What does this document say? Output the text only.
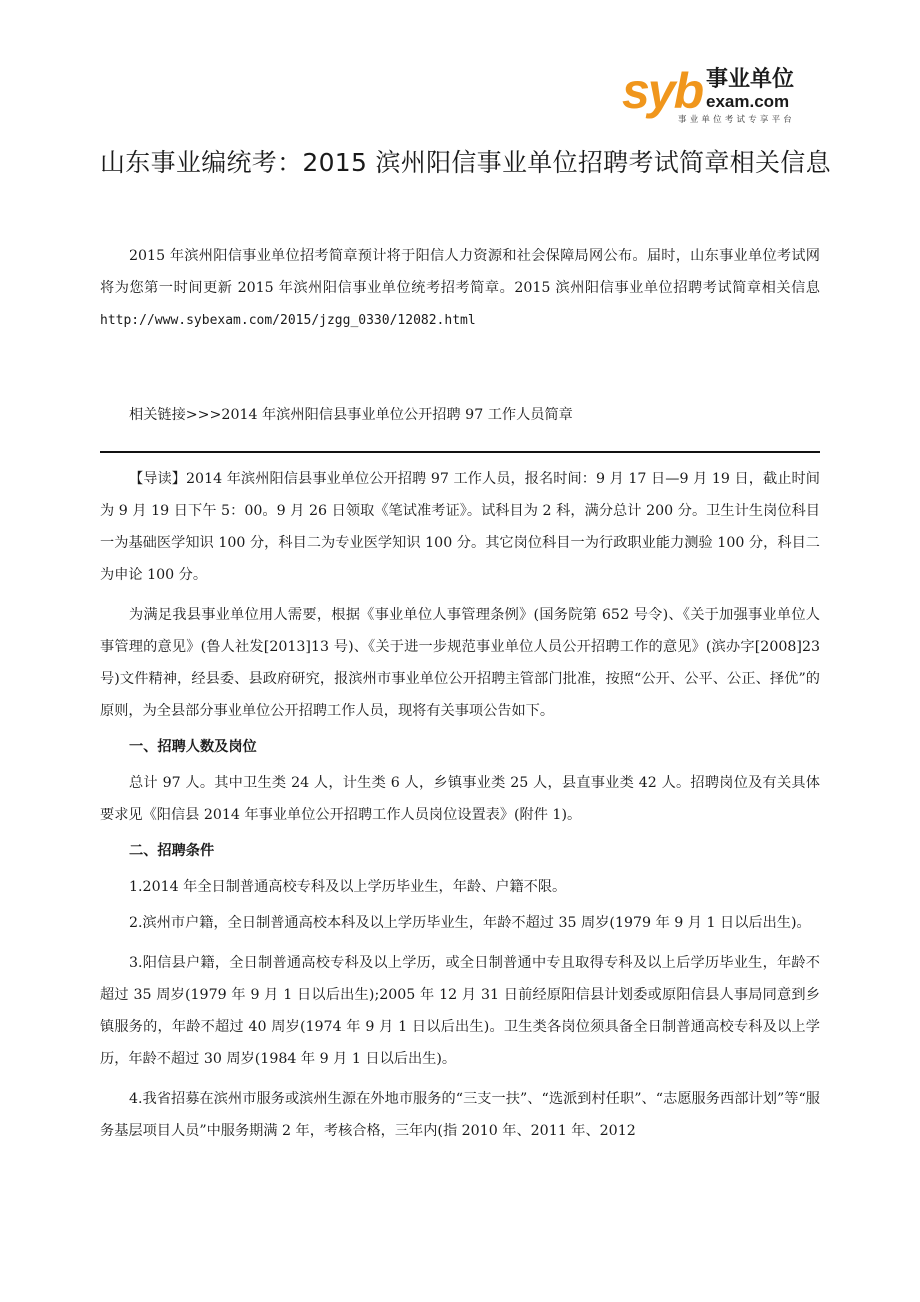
syb 事业单位
exam.com
事业单位考试专享平台
山东事业编统考：2015 滨州阳信事业单位招聘考试简章相关信息

2015 年滨州阳信事业单位招考简章预计将于阳信人力资源和社会保障局网公布。届时，山东事业单位考试网将为您第一时间更新 2015 年滨州阳信事业单位统考招考简章。2015 滨州阳信事业单位招聘考试简章相关信息 http://www.sybexam.com/2015/jzgg_0330/12082.html

相关链接>>>2014 年滨州阳信县事业单位公开招聘 97 工作人员简章

【导读】2014 年滨州阳信县事业单位公开招聘 97 工作人员，报名时间：9 月 17 日—9 月 19 日，截止时间为 9 月 19 日下午 5：00。9 月 26 日领取《笔试准考证》。试科目为 2 科，满分总计 200 分。卫生计生岗位科目一为基础医学知识 100 分，科目二为专业医学知识 100 分。其它岗位科目一为行政职业能力测验 100 分，科目二为申论 100 分。

为满足我县事业单位用人需要，根据《事业单位人事管理条例》(国务院第 652 号令)、《关于加强事业单位人事管理的意见》(鲁人社发[2013]13 号)、《关于进一步规范事业单位人员公开招聘工作的意见》(滨办字[2008]23 号)文件精神，经县委、县政府研究，报滨州市事业单位公开招聘主管部门批准，按照“公开、公平、公正、择优”的原则，为全县部分事业单位公开招聘工作人员，现将有关事项公告如下。

一、招聘人数及岗位

总计 97 人。其中卫生类 24 人，计生类 6 人，乡镇事业类 25 人，县直事业类 42 人。招聘岗位及有关具体要求见《阳信县 2014 年事业单位公开招聘工作人员岗位设置表》(附件 1)。

二、招聘条件

1.2014 年全日制普通高校专科及以上学历毕业生，年龄、户籍不限。

2.滨州市户籍，全日制普通高校本科及以上学历毕业生，年龄不超过 35 周岁(1979 年 9 月 1 日以后出生)。

3.阳信县户籍，全日制普通高校专科及以上学历，或全日制普通中专且取得专科及以上后学历毕业生，年龄不超过 35 周岁(1979 年 9 月 1 日以后出生);2005 年 12 月 31 日前经原阳信县计划委或原阳信县人事局同意到乡镇服务的，年龄不超过 40 周岁(1974 年 9 月 1 日以后出生)。卫生类各岗位须具备全日制普通高校专科及以上学历，年龄不超过 30 周岁(1984 年 9 月 1 日以后出生)。

4.我省招募在滨州市服务或滨州生源在外地市服务的“三支一扶”、“选派到村任职”、“志愿服务西部计划”等“服务基层项目人员”中服务期满 2 年，考核合格，三年内(指 2010 年、2011 年、2012
